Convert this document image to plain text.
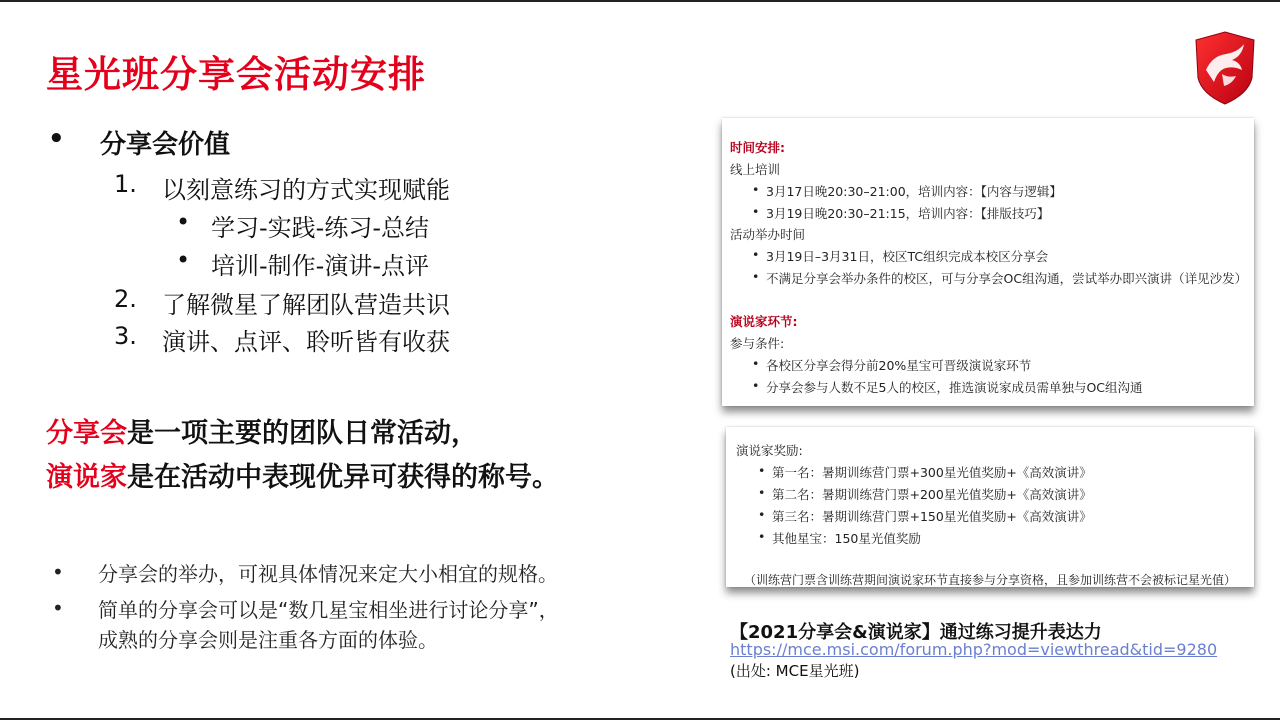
星光班分享会活动安排
• 分享会价值
1. 以刻意练习的方式实现赋能
• 学习-实践-练习-总结
• 培训-制作-演讲-点评
2. 了解微星了解团队营造共识
3. 演讲、点评、聆听皆有收获
分享会是一项主要的团队日常活动，
演说家是在活动中表现优异可获得的称号。
• 分享会的举办，可视具体情况来定大小相宜的规格。
• 简单的分享会可以是“数几星宝相坐进行讨论分享”，
成熟的分享会则是注重各方面的体验。
时间安排:
线上培训
• 3月17日晚20:30–21:00，培训内容：【内容与逻辑】
• 3月19日晚20:30–21:15，培训内容：【排版技巧】
活动举办时间
• 3月19日–3月31日，校区TC组织完成本校区分享会
• 不满足分享会举办条件的校区，可与分享会OC组沟通，尝试举办即兴演讲（详见沙发）
演说家环节:
参与条件:
• 各校区分享会得分前20%星宝可晋级演说家环节
• 分享会参与人数不足5人的校区，推选演说家成员需单独与OC组沟通
演说家奖励:
• 第一名：暑期训练营门票+300星光值奖励+《高效演讲》
• 第二名：暑期训练营门票+200星光值奖励+《高效演讲》
• 第三名：暑期训练营门票+150星光值奖励+《高效演讲》
• 其他星宝：150星光值奖励
（训练营门票含训练营期间演说家环节直接参与分享资格，且参加训练营不会被标记星光值）
【2021分享会&演说家】通过练习提升表达力
https://mce.msi.com/forum.php?mod=viewthread&tid=9280
(出处: MCE星光班)
